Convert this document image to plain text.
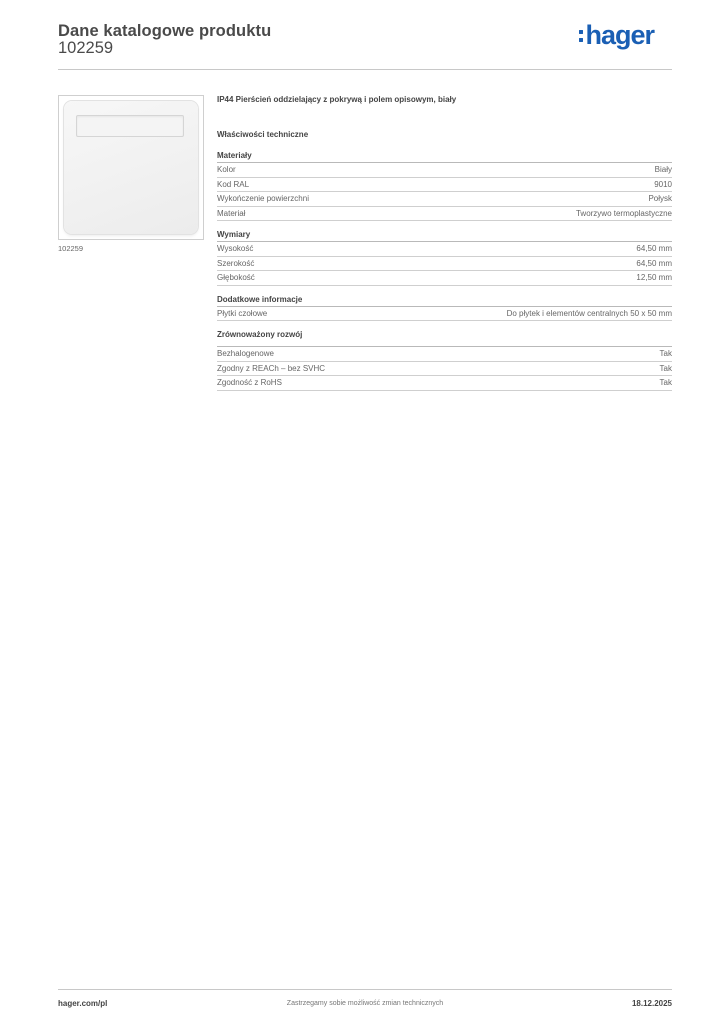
Dane katalogowe produktu
102259	hager
102259
IP44 Pierścień oddzielający z pokrywą i polem opisowym, biały
Właściwości techniczne
Materiały
Kolor	Biały
Kod RAL	9010
Wykończenie powierzchni	Połysk
Materiał	Tworzywo termoplastyczne
Wymiary
Wysokość	64,50 mm
Szerokość	64,50 mm
Głębokość	12,50 mm
Dodatkowe informacje
Płytki czołowe	Do płytek i elementów centralnych 50 x 50 mm
Zrównoważony rozwój
Bezhalogenowe	Tak
Zgodny z REACh – bez SVHC	Tak
Zgodność z RoHS	Tak
hager.com/pl	Zastrzegamy sobie możliwość zmian technicznych	18.12.2025
